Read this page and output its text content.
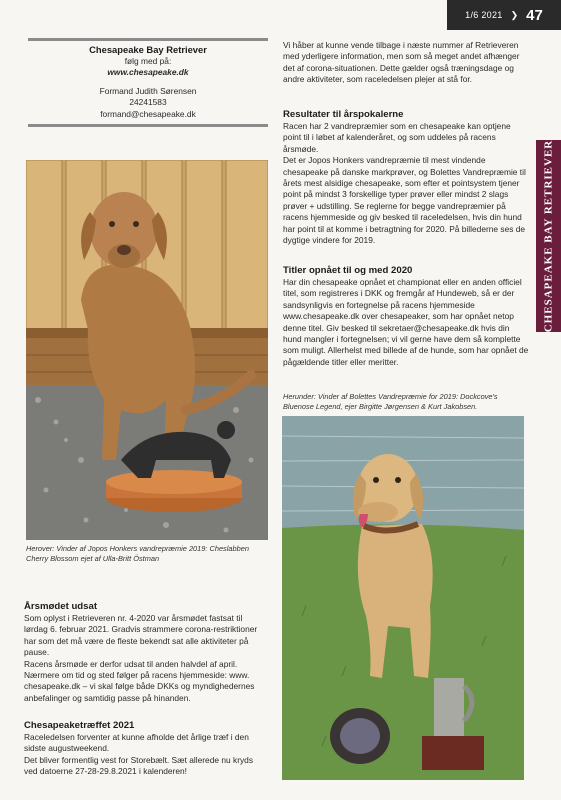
1/6 2021 ❯ 47
CHESAPEAKE BAY RETRIEVER
Chesapeake Bay Retriever
følg med på:
www.chesapeake.dk
Formand Judith Sørensen
24241583
formand@chesapeake.dk
Herover: Vinder af Jopos Honkers vandrepræmie 2019: Cheslabben Cherry Blossom ejet af Ulla-Britt Östman
Vi håber at kunne vende tilbage i næste nummer af Retrieveren med yderligere information, men som så meget andet afhænger det af corona-situationen. Dette gælder også træningsdage og andre aktiviteter, som raceledelsen plejer at stå for.
Resultater til årspokalerne

Racen har 2 vandrepræmier som en chesapeake kan optjene point til i løbet af kalenderåret, og som uddeles på racens årsmøde.

Det er Jopos Honkers vandrepræmie til mest vindende chesapeake på danske markprøver, og Bolettes Vandrepræmie til årets mest alsidige chesapeake, som efter et pointsystem tjener point på mindst 3 forskellige typer prøver eller mindst 2 slags prøver + udstilling. Se reglerne for begge vandrepræmier på racens hjemmeside og giv besked til raceledelsen, hvis din hund har point til at komme i betragtning for 2020. På billederne ses de dygtige vindere for 2019.

Titler opnået til og med 2020

Har din chesapeake opnået et championat eller en anden officiel titel, som registreres i DKK og fremgår af Hundeweb, så er der sandsynligvis en fortegnelse på racens hjemmeside www.chesapeake.dk over chesapeaker, som har opnået netop denne titel. Giv besked til sekretaer@chesapeake.dk hvis din hund mangler i fortegnelsen; vi vil gerne have dem så komplette som muligt. Allerhelst med billede af de hunde, som har opnået de pågældende titler eller meritter.

Herunder: Vinder af Bolettes Vandrepræmie for 2019: Dockcove's Bluenose Legend, ejer Birgitte Jørgensen & Kurt Jakobsen.
Årsmødet udsat

Som oplyst i Retrieveren nr. 4-2020 var årsmødet fastsat til lørdag 6. februar 2021. Gradvis strammere corona-restriktioner har som det må være de fleste bekendt sat alle aktiviteter på pause.

Racens årsmøde er derfor udsat til anden halvdel af april. Nærmere om tid og sted følger på racens hjemmeside: www. chesapeake.dk – vi skal følge både DKKs og myndighedernes anbefalinger og samtidig passe på hinanden.

Chesapeaketræffet 2021

Raceledelsen forventer at kunne afholde det årlige træf i den sidste augustweekend.

Det bliver formentlig vest for Storebælt. Sæt allerede nu kryds ved datoerne 27-28-29.8.2021 i kalenderen!
